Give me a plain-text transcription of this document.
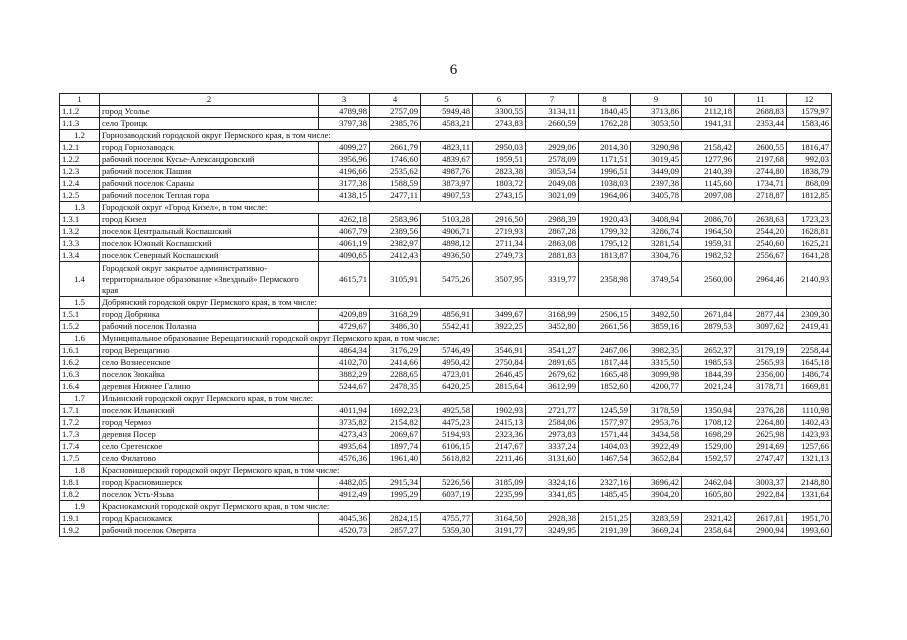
6
1	2	3	4	5	6	7	8	9	10	11	12
1.1.2	город Усолье	4789,98	2757,09	5949,48	3300,55	3134,11	1840,45	3713,86	2112,18	2688,83	1579,97
1.1.3	село Троицк	3797,38	2385,76	4583,21	2743,83	2660,59	1762,28	3053,50	1941,31	2353,44	1583,46
1.2	Горнозаводский городской округ Пермского края, в том числе:										
1.2.1	город Горнозаводск	4099,27	2661,79	4823,11	2950,03	2929,06	2014,30	3290,98	2158,42	2600,55	1816,47
1.2.2	рабочий поселок Кусье-Александровский	3956,96	1746,60	4839,67	1959,51	2578,09	1171,51	3019,45	1277,96	2197,68	992,03
1.2.3	рабочий поселок Пашия	4196,66	2535,62	4987,76	2823,38	3053,54	1996,51	3449,09	2140,39	2744,80	1838,79
1.2.4	рабочий поселок Сараны	3177,38	1588,59	3873,97	1803,72	2049,08	1038,03	2397,38	1145,60	1734,71	868,09
1.2.5	рабочий поселок Теплая гора	4138,15	2477,11	4907,53	2743,15	3021,09	1964,06	3405,78	2097,08	2718,87	1812,85
1.3	Городской округ «Город Кизел», в том числе:										
1.3.1	город Кизел	4262,18	2583,96	5103,28	2916,50	2988,39	1920,43	3408,94	2086,70	2638,63	1723,23
1.3.2	поселок Центральный Коспашский	4067,79	2389,56	4906,71	2719,93	2867,28	1799,32	3286,74	1964,50	2544,20	1628,81
1.3.3	поселок Южный Коспашский	4061,19	2382,97	4898,12	2711,34	2863,08	1795,12	3281,54	1959,31	2540,60	1625,21
1.3.4	поселок Северный Коспашский	4090,65	2412,43	4936,50	2749,73	2881,83	1813,87	3304,76	1982,52	2556,67	1641,28
1.4	Городской округ закрытое административно-территориальное образование «Звездный» Пермского края	4615,71	3105,91	5475,26	3507,95	3319,77	2358,98	3749,54	2560,00	2964,46	2140,93
1.5	Добрянский городской округ Пермского края, в том числе:										
1.5.1	город Добрянка	4209,89	3168,29	4856,91	3499,67	3168,99	2506,15	3492,50	2671,84	2877,44	2309,30
1.5.2	рабочий поселок Полазна	4729,67	3486,30	5542,41	3922,25	3452,80	2661,56	3859,16	2879,53	3097,62	2419,41
1.6	Муниципальное образование Верещагинский городской округ Пермского края, в том числе:										
1.6.1	город Верещагино	4864,34	3176,29	5746,49	3546,91	3541,27	2467,06	3982,35	2652,37	3179,19	2258,44
1.6.2	село Вознесенское	4102,70	2414,66	4950,42	2750,84	2891,65	1817,44	3315,50	1985,53	2565,93	1645,18
1.6.3	поселок Зюкайка	3882,29	2288,65	4723,01	2646,45	2679,62	1665,48	3099,98	1844,39	2356,00	1486,74
1.6.4	деревня Нижнее Галино	5244,67	2478,35	6420,25	2815,64	3612,99	1852,60	4200,77	2021,24	3178,71	1669,81
1.7	Ильинский городской округ Пермского края, в том числе:										
1.7.1	поселок Ильинский	4011,94	1692,23	4925,58	1902,93	2721,77	1245,59	3178,59	1350,94	2376,28	1110,98
1.7.2	город Чермоз	3735,82	2154,82	4475,23	2415,13	2584,06	1577,97	2953,76	1708,12	2264,80	1402,43
1.7.3	деревня Посер	4273,43	2069,67	5194,93	2323,36	2973,83	1571,44	3434,58	1698,29	2625,98	1423,93
1.7.4	село Сретенское	4935,64	1897,74	6106,15	2147,67	3337,24	1404,03	3922,49	1529,00	2914,69	1257,66
1.7.5	село Филатово	4576,36	1961,40	5618,82	2211,46	3131,60	1467,54	3652,84	1592,57	2747,47	1321,13
1.8	Красновишерский городской округ Пермского края, в том числе:										
1.8.1	город Красновишерск	4482,05	2915,34	5226,56	3185,09	3324,16	2327,16	3696,42	2462,04	3003,37	2148,80
1.8.2	поселок Усть-Язьва	4912,49	1995,29	6037,19	2235,99	3341,85	1485,45	3904,20	1605,80	2922,84	1331,64
1.9	Краснокамский городской округ Пермского края, в том числе:										
1.9.1	город Краснокамск	4045,36	2824,15	4755,77	3164,50	2928,38	2151,25	3283,59	2321,42	2617,81	1951,70
1.9.2	рабочий поселок Оверята	4520,73	2857,27	5359,30	3191,77	3249,95	2191,39	3669,24	2358,64	2900,94	1993,60
